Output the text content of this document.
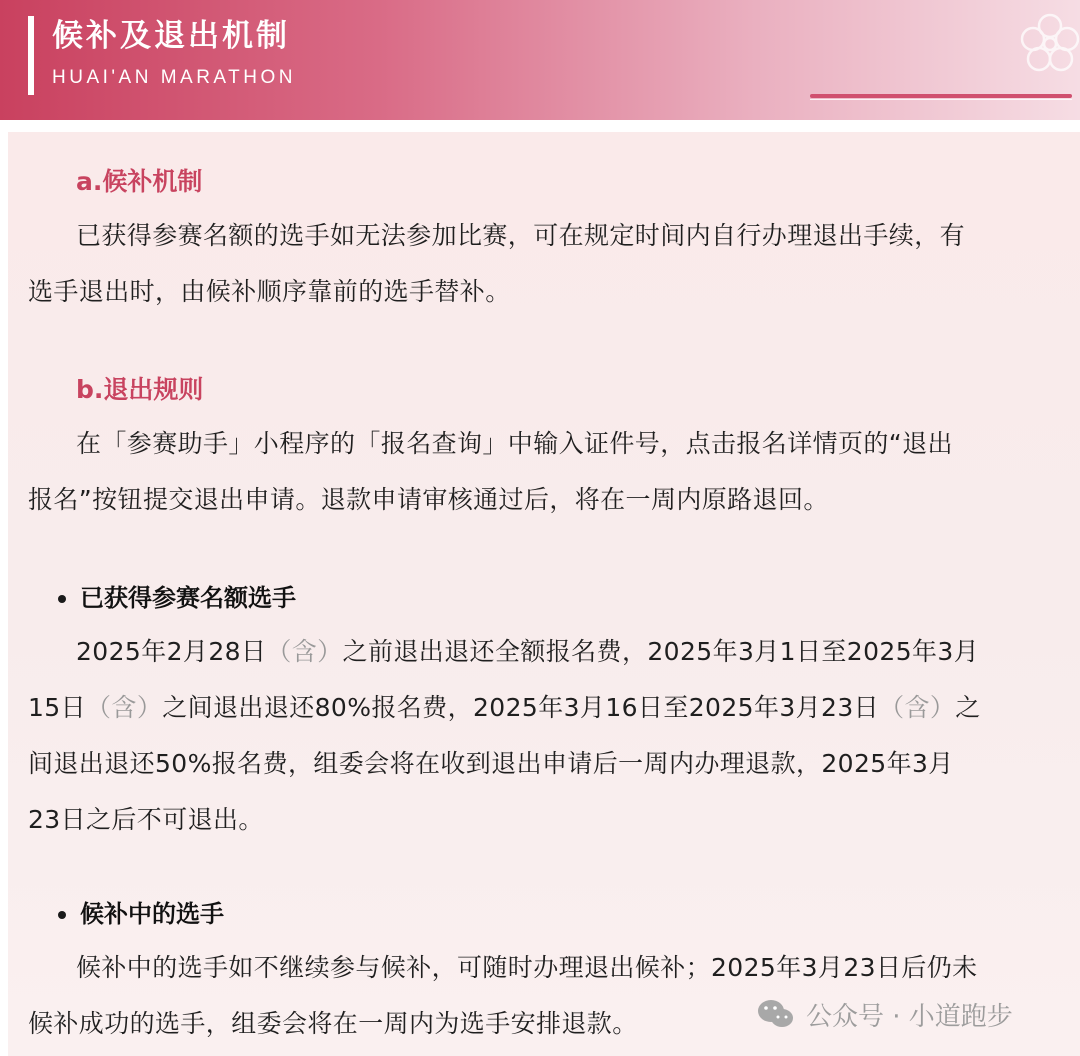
候补及退出机制
HUAI'AN MARATHON

a.候补机制

已获得参赛名额的选手如无法参加比赛，可在规定时间内自行办理退出手续，有

选手退出时，由候补顺序靠前的选手替补。

b.退出规则

在「参赛助手」小程序的「报名查询」中输入证件号，点击报名详情页的“退出

报名”按钮提交退出申请。退款申请审核通过后，将在一周内原路退回。

已获得参赛名额选手

2025年2月28日（含）之前退出退还全额报名费，2025年3月1日至2025年3月

15日（含）之间退出退还80%报名费，2025年3月16日至2025年3月23日（含）之

间退出退还50%报名费，组委会将在收到退出申请后一周内办理退款，2025年3月

23日之后不可退出。

候补中的选手

候补中的选手如不继续参与候补，可随时办理退出候补；2025年3月23日后仍未

候补成功的选手，组委会将在一周内为选手安排退款。	公众号 · 小道跑步
